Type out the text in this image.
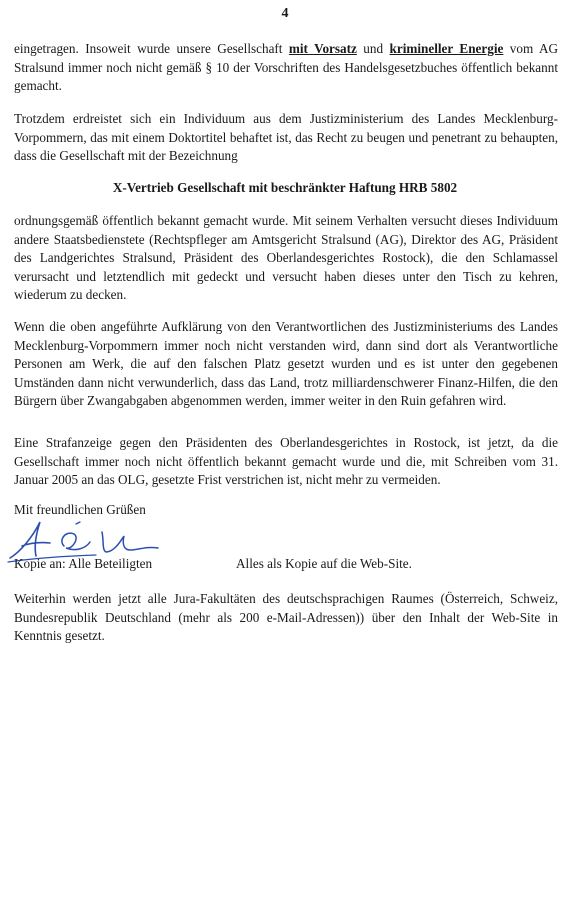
4
eingetragen. Insoweit wurde unsere Gesellschaft mit Vorsatz und krimineller Energie vom AG Stralsund immer noch nicht gemäß § 10 der Vorschriften des Handelsgesetzbuches öffentlich bekannt gemacht.
Trotzdem erdreistet sich ein Individuum aus dem Justizministerium des Landes Mecklenburg-Vorpommern, das mit einem Doktortitel behaftet ist, das Recht zu beugen und penetrant zu behaupten, dass die Gesellschaft mit der Bezeichnung
X-Vertrieb Gesellschaft mit beschränkter Haftung HRB 5802
ordnungsgemäß öffentlich bekannt gemacht wurde. Mit seinem Verhalten versucht dieses Individuum andere Staatsbedienstete (Rechtspfleger am Amtsgericht Stralsund (AG), Direktor des AG, Präsident des Landgerichtes Stralsund, Präsident des Oberlandesgerichtes Rostock), die den Schlamassel verursacht und letztendlich mit gedeckt und versucht haben dieses unter den Tisch zu kehren, wiederum zu decken.
Wenn die oben angeführte Aufklärung von den Verantwortlichen des Justizministeriums des Landes Mecklenburg-Vorpommern immer noch nicht verstanden wird, dann sind dort als Verantwortliche Personen am Werk, die auf den falschen Platz gesetzt wurden und es ist unter den gegebenen Umständen dann nicht verwunderlich, dass das Land, trotz milliardenschwerer Finanz-Hilfen, die den Bürgern über Zwangabgaben abgenommen werden, immer weiter in den Ruin gefahren wird.
Eine Strafanzeige gegen den Präsidenten des Oberlandesgerichtes in Rostock, ist jetzt, da die Gesellschaft immer noch nicht öffentlich bekannt gemacht wurde und die, mit Schreiben vom 31. Januar 2005 an das OLG, gesetzte Frist verstrichen ist, nicht mehr zu vermeiden.
Mit freundlichen Grüßen
Kopie an: Alle Beteiligten	Alles als Kopie auf die Web-Site.
Weiterhin werden jetzt alle Jura-Fakultäten des deutschsprachigen Raumes (Österreich, Schweiz, Bundesrepublik Deutschland (mehr als 200 e-Mail-Adressen)) über den Inhalt der Web-Site in Kenntnis gesetzt.
